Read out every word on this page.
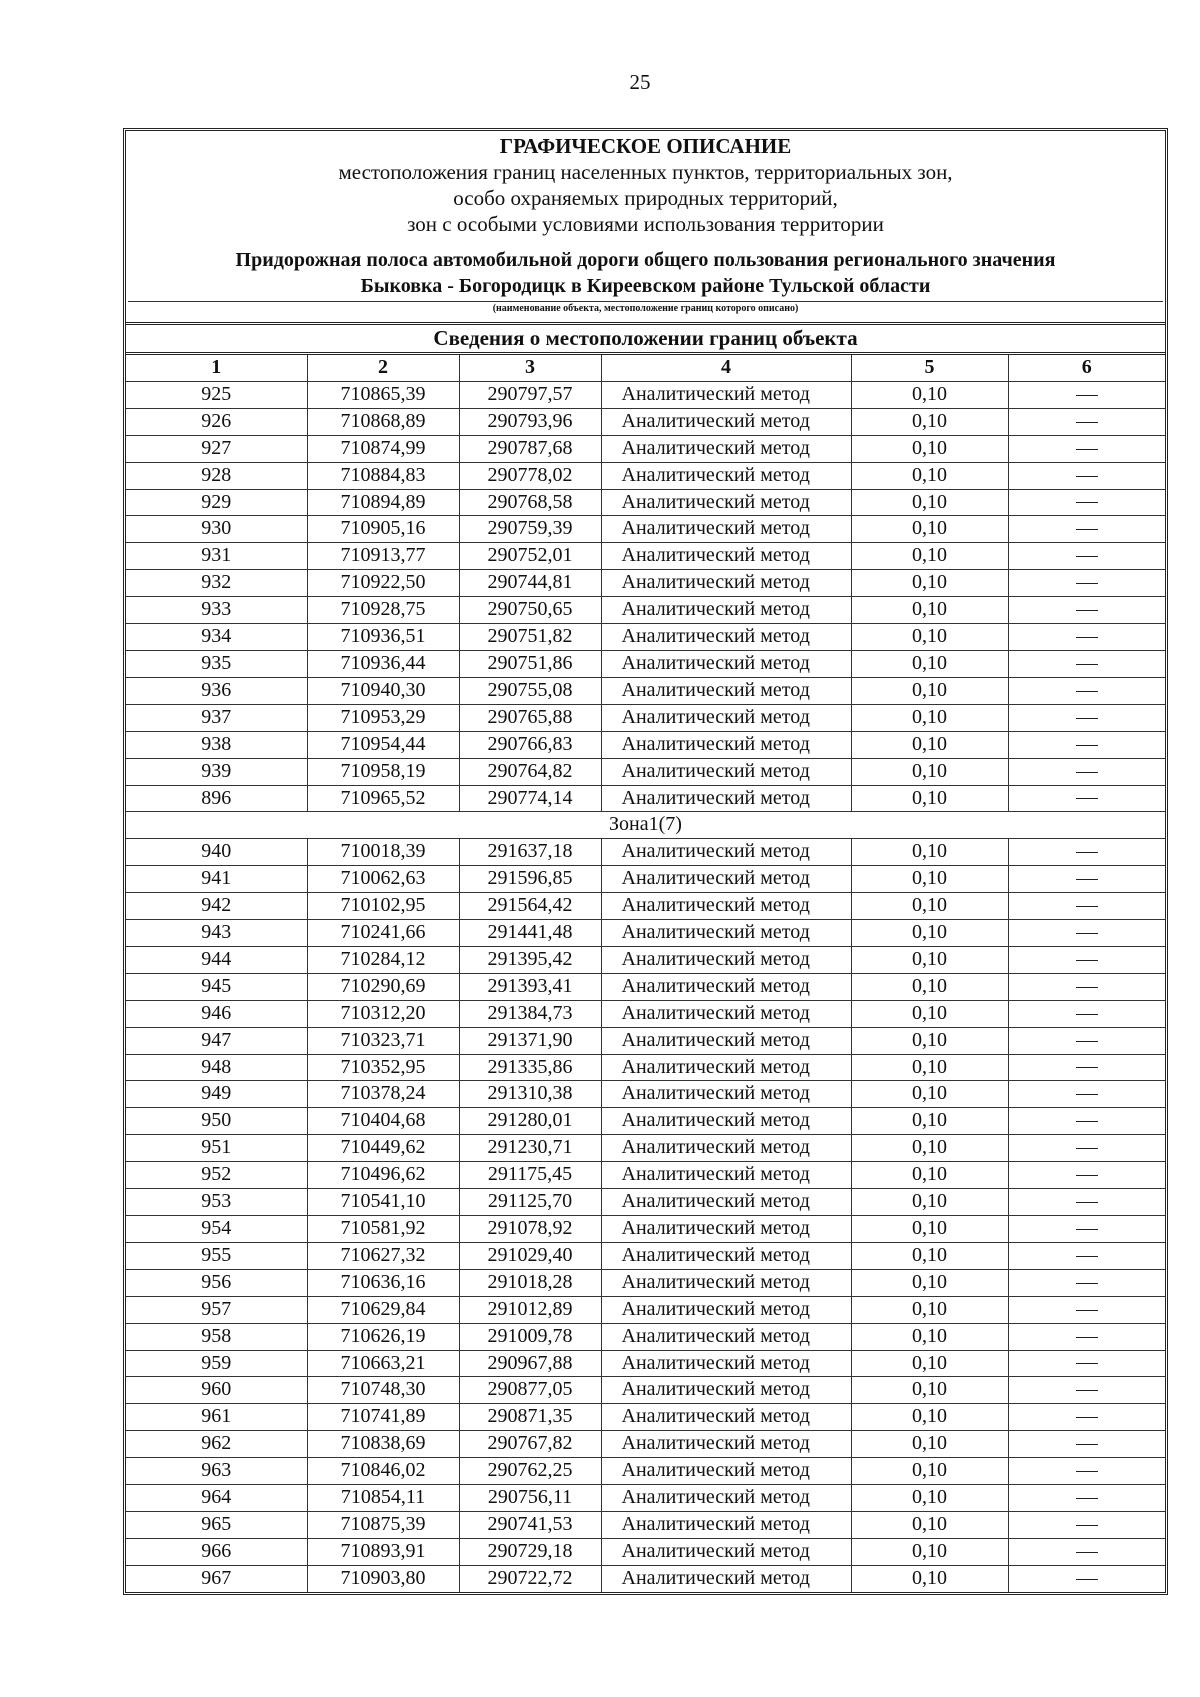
25
ГРАФИЧЕСКОЕ ОПИСАНИЕ
местоположения границ населенных пунктов, территориальных зон,
особо охраняемых природных территорий,
зон с особыми условиями использования территории
Придорожная полоса автомобильной дороги общего пользования регионального значения
Быковка - Богородицк в Киреевском районе Тульской области
(наименование объекта, местоположение границ которого описано)
Сведения о местоположении границ объекта
1	2	3	4	5	6
925	710865,39	290797,57	Аналитический метод	0,10	
926	710868,89	290793,96	Аналитический метод	0,10	
927	710874,99	290787,68	Аналитический метод	0,10	
928	710884,83	290778,02	Аналитический метод	0,10	
929	710894,89	290768,58	Аналитический метод	0,10	
930	710905,16	290759,39	Аналитический метод	0,10	
931	710913,77	290752,01	Аналитический метод	0,10	
932	710922,50	290744,81	Аналитический метод	0,10	
933	710928,75	290750,65	Аналитический метод	0,10	
934	710936,51	290751,82	Аналитический метод	0,10	
935	710936,44	290751,86	Аналитический метод	0,10	
936	710940,30	290755,08	Аналитический метод	0,10	
937	710953,29	290765,88	Аналитический метод	0,10	
938	710954,44	290766,83	Аналитический метод	0,10	
939	710958,19	290764,82	Аналитический метод	0,10	
896	710965,52	290774,14	Аналитический метод	0,10	
Зона1(7)					
940	710018,39	291637,18	Аналитический метод	0,10	
941	710062,63	291596,85	Аналитический метод	0,10	
942	710102,95	291564,42	Аналитический метод	0,10	
943	710241,66	291441,48	Аналитический метод	0,10	
944	710284,12	291395,42	Аналитический метод	0,10	
945	710290,69	291393,41	Аналитический метод	0,10	
946	710312,20	291384,73	Аналитический метод	0,10	
947	710323,71	291371,90	Аналитический метод	0,10	
948	710352,95	291335,86	Аналитический метод	0,10	
949	710378,24	291310,38	Аналитический метод	0,10	
950	710404,68	291280,01	Аналитический метод	0,10	
951	710449,62	291230,71	Аналитический метод	0,10	
952	710496,62	291175,45	Аналитический метод	0,10	
953	710541,10	291125,70	Аналитический метод	0,10	
954	710581,92	291078,92	Аналитический метод	0,10	
955	710627,32	291029,40	Аналитический метод	0,10	
956	710636,16	291018,28	Аналитический метод	0,10	
957	710629,84	291012,89	Аналитический метод	0,10	
958	710626,19	291009,78	Аналитический метод	0,10	
959	710663,21	290967,88	Аналитический метод	0,10	
960	710748,30	290877,05	Аналитический метод	0,10	
961	710741,89	290871,35	Аналитический метод	0,10	
962	710838,69	290767,82	Аналитический метод	0,10	
963	710846,02	290762,25	Аналитический метод	0,10	
964	710854,11	290756,11	Аналитический метод	0,10	
965	710875,39	290741,53	Аналитический метод	0,10	
966	710893,91	290729,18	Аналитический метод	0,10	
967	710903,80	290722,72	Аналитический метод	0,10	
